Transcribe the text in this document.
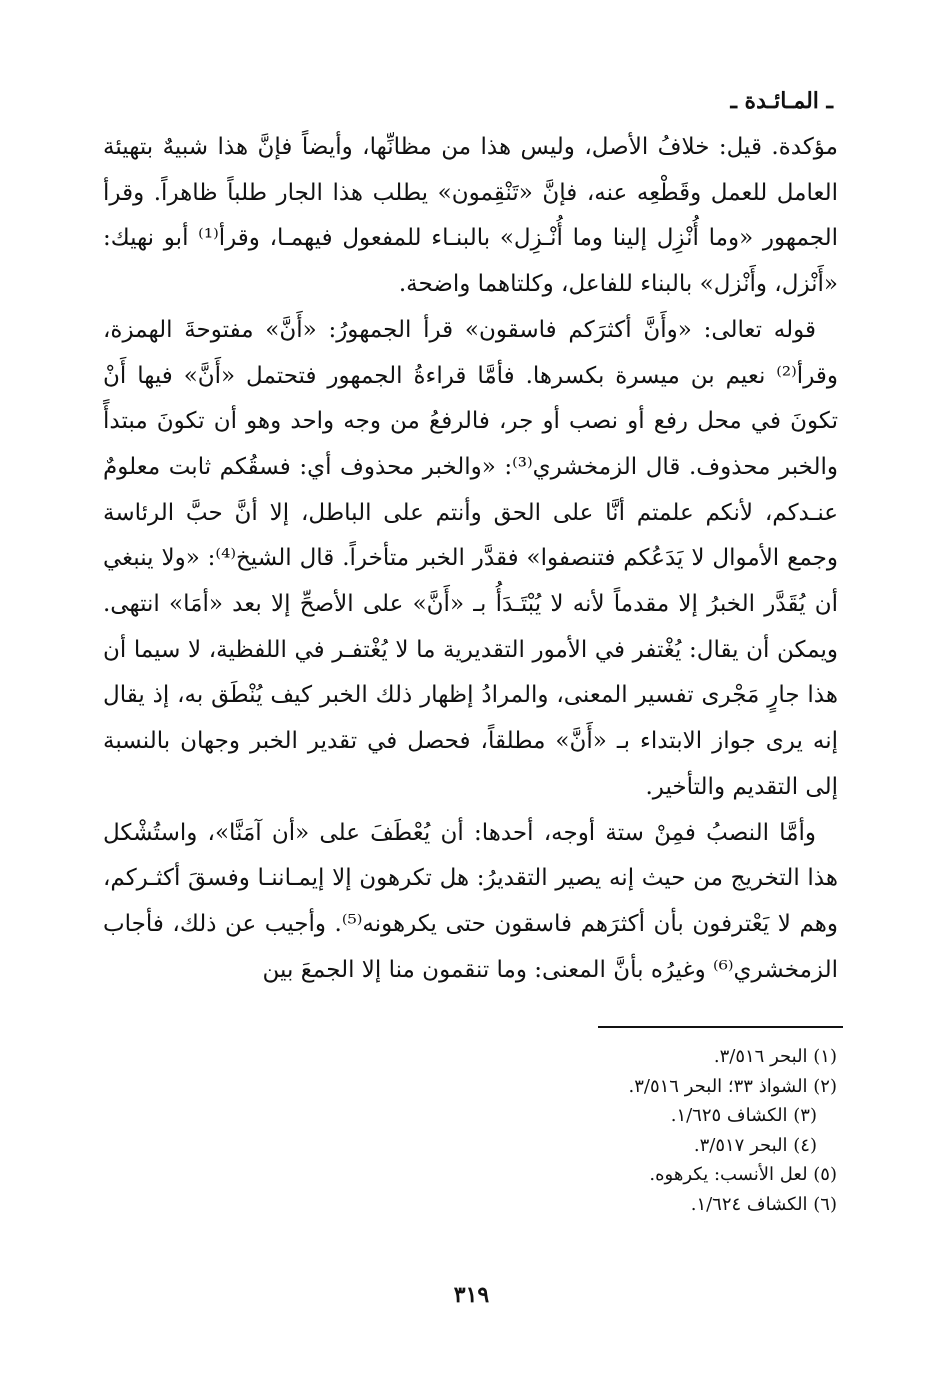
ـ المـائـدة ـ

مؤكدة. قيل: خلافُ الأصل، وليس هذا من مظانِّها، وأيضاً فإنَّ هذا شبيهٌ بتهيئة العامل للعمل وقَطْعِه عنه، فإنَّ «تَنْقِمون» يطلب هذا الجار طلباً ظاهراً. وقرأ الجمهور «وما أُنْزِل إلينا وما أُنْـزِل» بالبنـاء للمفعول فيهمـا، وقرأ⁽¹⁾ أبو نهيك: «أَنْزل، وأَنْزل» بالبناء للفاعل، وكلتاهما واضحة.

قوله تعالى: «وأَنَّ أكثرَكم فاسقون» قرأ الجمهورُ: «أَنَّ» مفتوحةَ الهمزة، وقرأ⁽²⁾ نعيم بن ميسرة بكسرها. فأمَّا قراءةُ الجمهور فتحتمل «أَنَّ» فيها أَنْ تكونَ في محل رفع أو نصب أو جر، فالرفعُ من وجه واحد وهو أن تكونَ مبتدأً والخبر محذوف. قال الزمخشري⁽³⁾: «والخبر محذوف أي: فسقُكم ثابت معلومٌ عنـدكم، لأنكم علمتم أنَّا على الحق وأنتم على الباطل، إلا أنَّ حبَّ الرئاسة وجمع الأموال لا يَدَعُكم فتنصفوا» فقدَّر الخبر متأخراً. قال الشيخ⁽⁴⁾: «ولا ينبغي أن يُقَدَّر الخبرُ إلا مقدماً لأنه لا يُبْتَـدَأُ بـ «أَنَّ» على الأصحِّ إلا بعد «أمَا» انتهى. ويمكن أن يقال: يُغْتفر في الأمور التقديرية ما لا يُغْتفـر في اللفظية، لا سيما أن هذا جارٍ مَجْرى تفسير المعنى، والمرادُ إظهار ذلك الخبر كيف يُنْطَق به، إذ يقال إنه يرى جواز الابتداء بـ «أَنَّ» مطلقاً، فحصل في تقدير الخبر وجهان بالنسبة إلى التقديم والتأخير.

وأمَّا النصبُ فمِنْ ستة أوجه، أحدها: أن يُعْطَفَ على «أن آمَنَّا»، واستُشْكل هذا التخريج من حيث إنه يصير التقديرُ: هل تكرهون إلا إيمـاننـا وفسقَ أكثـركم، وهم لا يَعْترفون بأن أكثرَهم فاسقون حتى يكرهونه⁽⁵⁾. وأجيب عن ذلك، فأجاب الزمخشري⁽⁶⁾ وغيرُه بأنَّ المعنى: وما تنقمون منا إلا الجمعَ بين

(١) البحر ٣/٥١٦.
(٢) الشواذ ٣٣؛ البحر ٣/٥١٦.
(٣) الكشاف ١/٦٢٥.
(٤) البحر ٣/٥١٧.
(٥) لعل الأنسب: يكرهوه.
(٦) الكشاف ١/٦٢٤.
٣١٩
